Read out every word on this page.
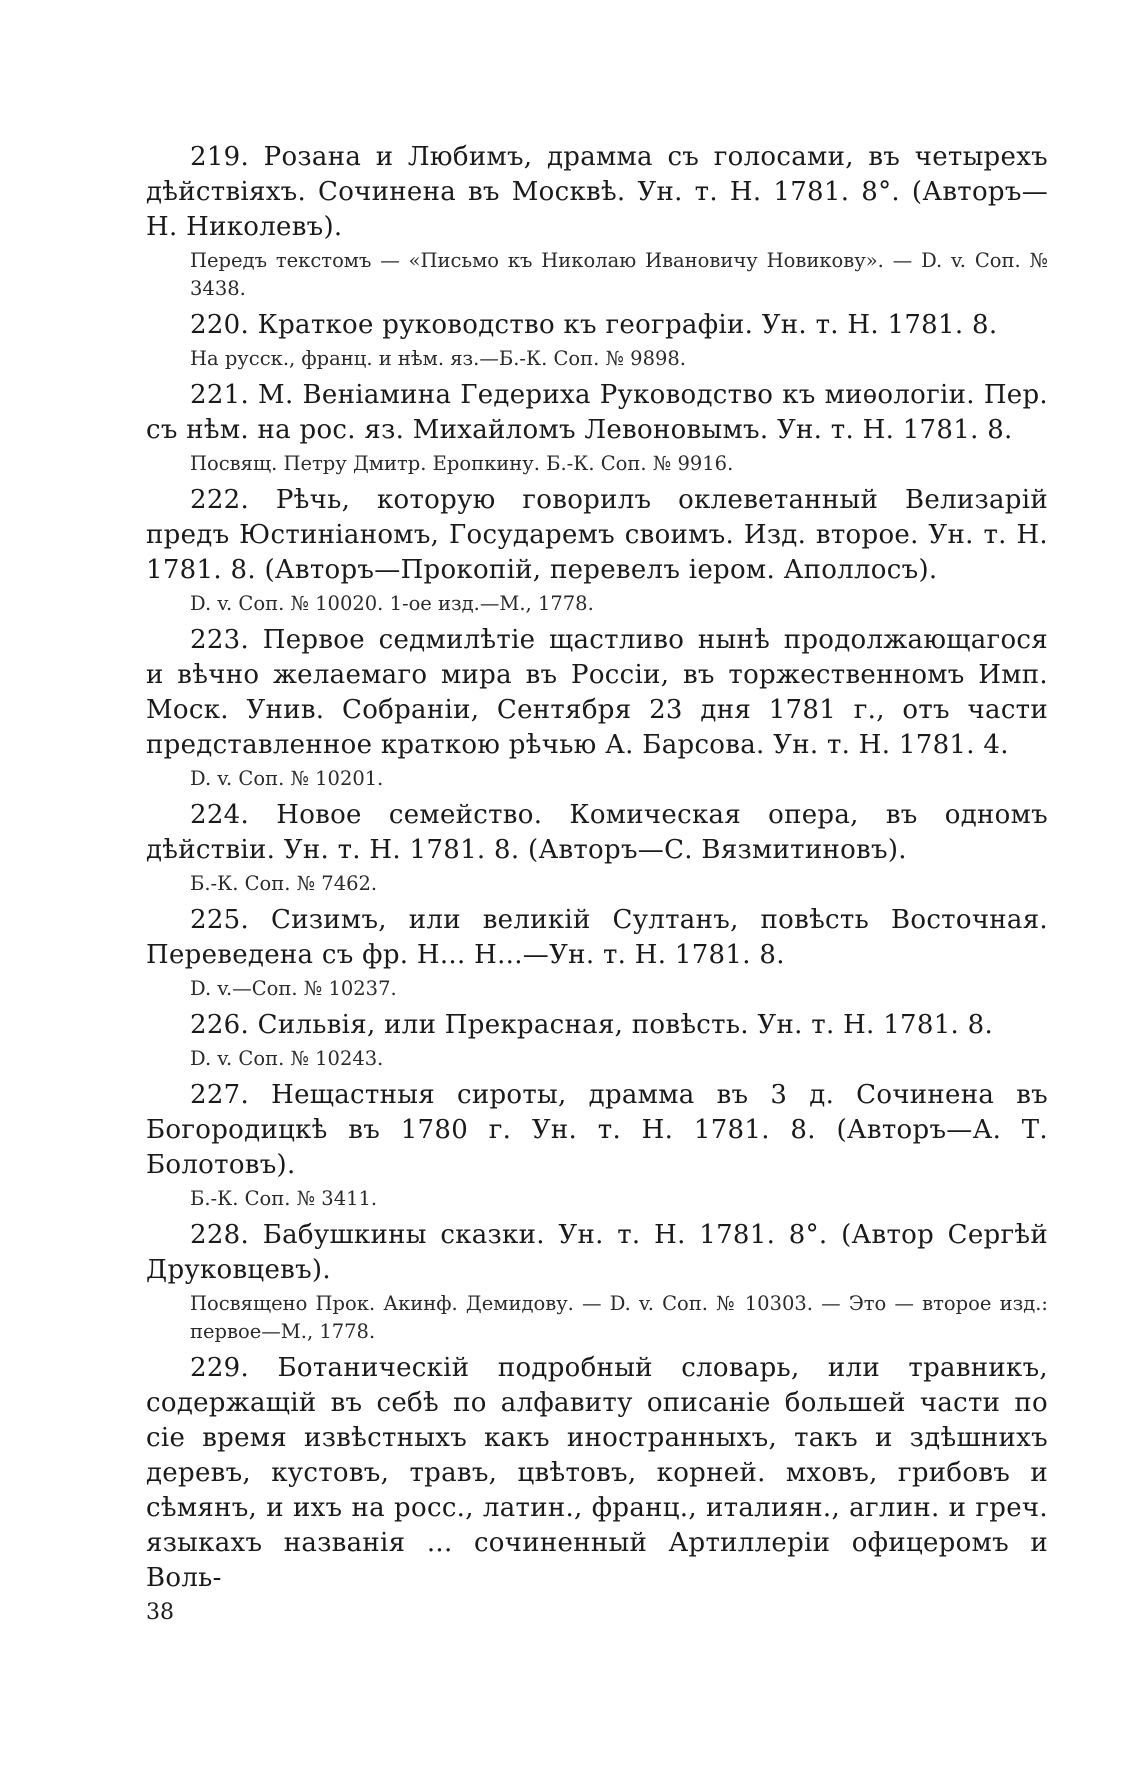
219. Розана и Любимъ, драмма съ голосами, въ четырехъ дѣйствіяхъ. Сочинена въ Москвѣ. Ун. т. Н. 1781. 8°. (Авторъ—Н. Николевъ).

Передъ текстомъ — «Письмо къ Николаю Ивановичу Новикову». — D. v. Соп. № 3438.

220. Краткое руководство къ географіи. Ун. т. Н. 1781. 8.

На русск., франц. и нѣм. яз.—Б.-К. Соп. № 9898.

221. М. Веніамина Гедериха Руководство къ миѳологіи. Пер. съ нѣм. на рос. яз. Михайломъ Левоновымъ. Ун. т. Н. 1781. 8.

Посвящ. Петру Дмитр. Еропкину. Б.-К. Соп. № 9916.

222. Рѣчь, которую говорилъ оклеветанный Велизарій предъ Юстиніаномъ, Государемъ своимъ. Изд. второе. Ун. т. Н. 1781. 8. (Авторъ—Прокопій, перевелъ іером. Аполлосъ).

D. v. Соп. № 10020. 1-ое изд.—М., 1778.

223. Первое седмилѣтіе щастливо нынѣ продолжающагося и вѣчно желаемаго мира въ Россіи, въ торжественномъ Имп. Моск. Унив. Собраніи, Сентября 23 дня 1781 г., отъ части представленное краткою рѣчью А. Барсова. Ун. т. Н. 1781. 4.

D. v. Соп. № 10201.

224. Новое семейство. Комическая опера, въ одномъ дѣйствіи. Ун. т. Н. 1781. 8. (Авторъ—С. Вязмитиновъ).

Б.-К. Соп. № 7462.

225. Сизимъ, или великій Султанъ, повѣсть Восточная. Переведена съ фр. Н... Н...—Ун. т. Н. 1781. 8.

D. v.—Соп. № 10237.

226. Сильвія, или Прекрасная, повѣсть. Ун. т. Н. 1781. 8.

D. v. Соп. № 10243.

227. Нещастныя сироты, драмма въ 3 д. Сочинена въ Богородицкѣ въ 1780 г. Ун. т. Н. 1781. 8. (Авторъ—А. Т. Болотовъ).

Б.-К. Соп. № 3411.

228. Бабушкины сказки. Ун. т. Н. 1781. 8°. (Автор Сергѣй Друковцевъ).

Посвящено Прок. Акинф. Демидову. — D. v. Соп. № 10303. — Это — второе изд.: первое—М., 1778.

229. Ботаническій подробный словарь, или травникъ, содержащій въ себѣ по алфавиту описаніе большей части по сіе время извѣстныхъ какъ иностранныхъ, такъ и здѣшнихъ деревъ, кустовъ, травъ, цвѣтовъ, корней. мховъ, грибовъ и сѣмянъ, и ихъ на росс., латин., франц., италиян., аглин. и греч. языкахъ названія ... сочиненный Артиллеріи офицеромъ и Воль-

38
